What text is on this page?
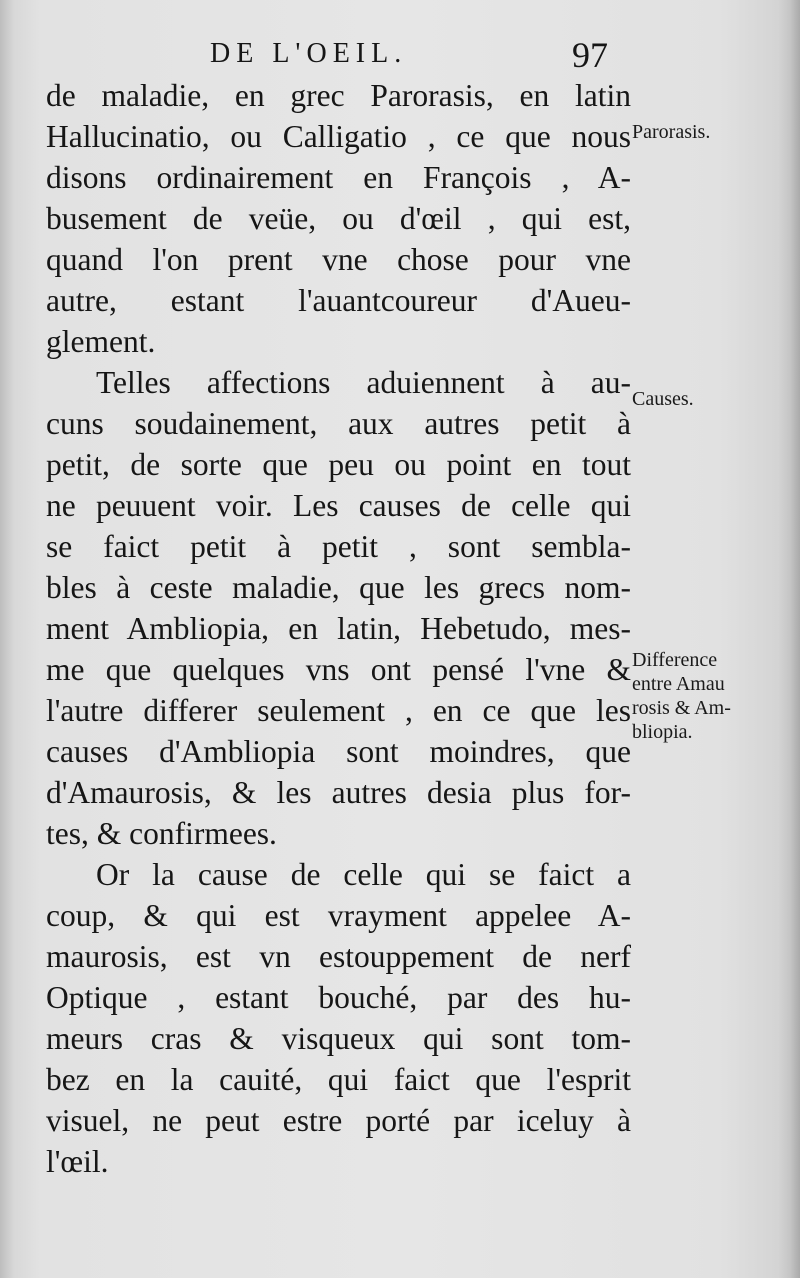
DE L'OEIL.	97
de maladie, en grec Parorasis, en latin
Hallucinatio, ou Calligatio , ce que nous
disons ordinairement en François , A-
busement de veüe, ou d'œil , qui est,
quand l'on prent vne chose pour vne
autre, estant l'auantcoureur d'Aueu-
glement.
Telles affections aduiennent à au-
cuns soudainement, aux autres petit à
petit, de sorte que peu ou point en tout
ne peuuent voir. Les causes de celle qui
se faict petit à petit , sont sembla-
bles à ceste maladie, que les grecs nom-
ment Ambliopia, en latin, Hebetudo, mes-
me que quelques vns ont pensé l'vne &
l'autre differer seulement , en ce que les
causes d'Ambliopia sont moindres, que
d'Amaurosis, & les autres desia plus for-
tes, & confirmees.
Or la cause de celle qui se faict a
coup, & qui est vrayment appelee A-
maurosis, est vn estouppement de nerf
Optique , estant bouché, par des hu-
meurs cras & visqueux qui sont tom-
bez en la cauité, qui faict que l'esprit
visuel, ne peut estre porté par iceluy à
l'œil.
Parorasis.
Causes.
Difference
entre Amau
rosis & Am-
bliopia.
